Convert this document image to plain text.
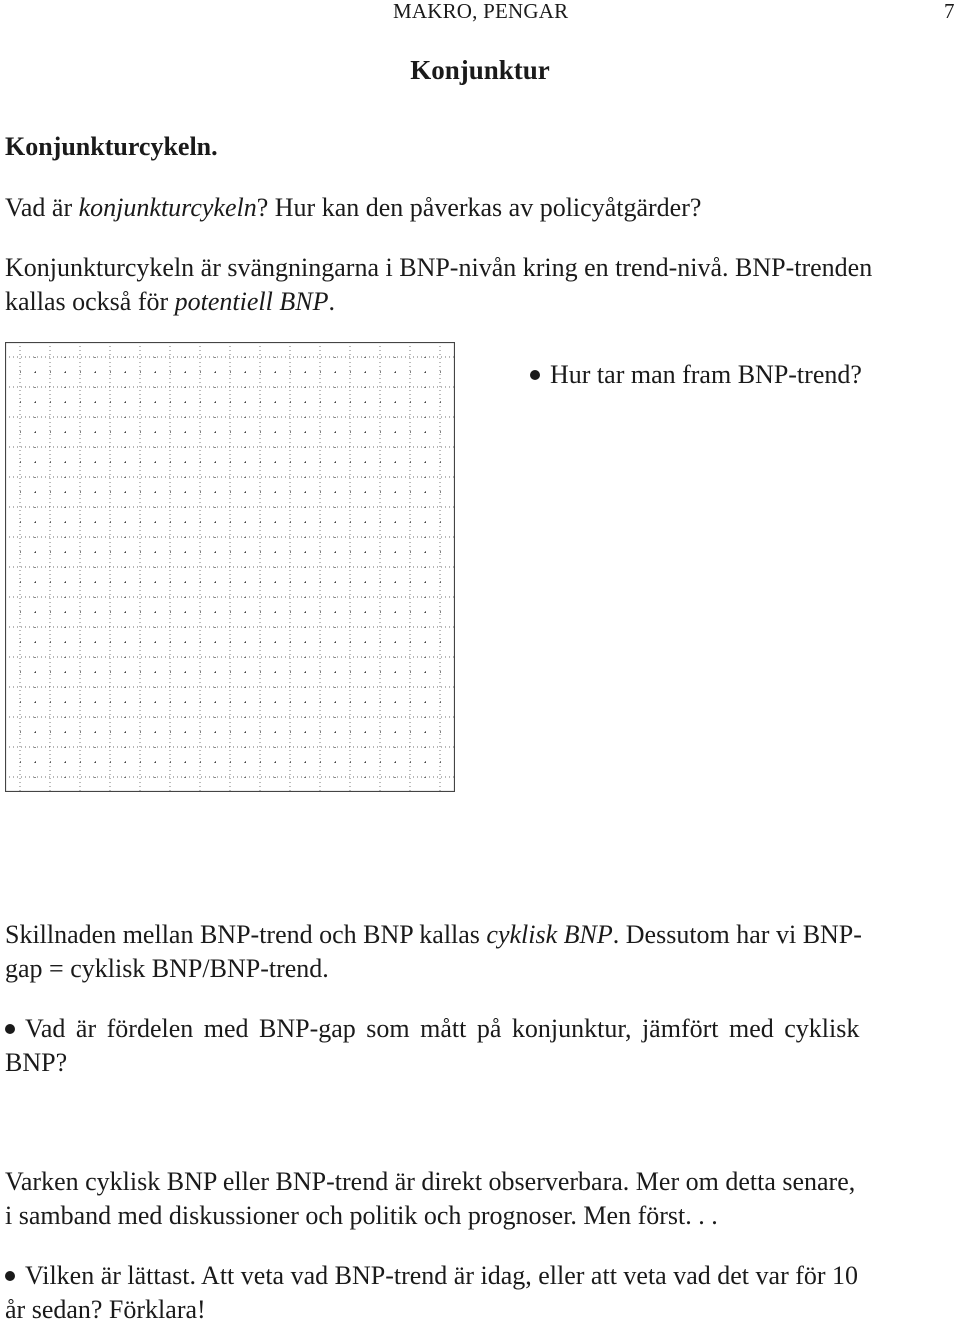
MAKRO, PENGAR	7
Konjunktur
Konjunkturcykeln.
Vad är konjunkturcykeln? Hur kan den påverkas av policyåtgärder?
Konjunkturcykeln är svängningarna i BNP-nivån kring en trend-nivå. BNP-trenden
kallas också för potentiell BNP.
Hur tar man fram BNP-trend?
Skillnaden mellan BNP-trend och BNP kallas cyklisk BNP. Dessutom har vi BNP-
gap = cyklisk BNP/BNP-trend.
Vad är fördelen med BNP-gap som mått på konjunktur, jämfört med cyklisk
BNP?
Varken cyklisk BNP eller BNP-trend är direkt observerbara. Mer om detta senare,
i samband med diskussioner och politik och prognoser. Men först. . .
Vilken är lättast. Att veta vad BNP-trend är idag, eller att veta vad det var för 10
år sedan? Förklara!
